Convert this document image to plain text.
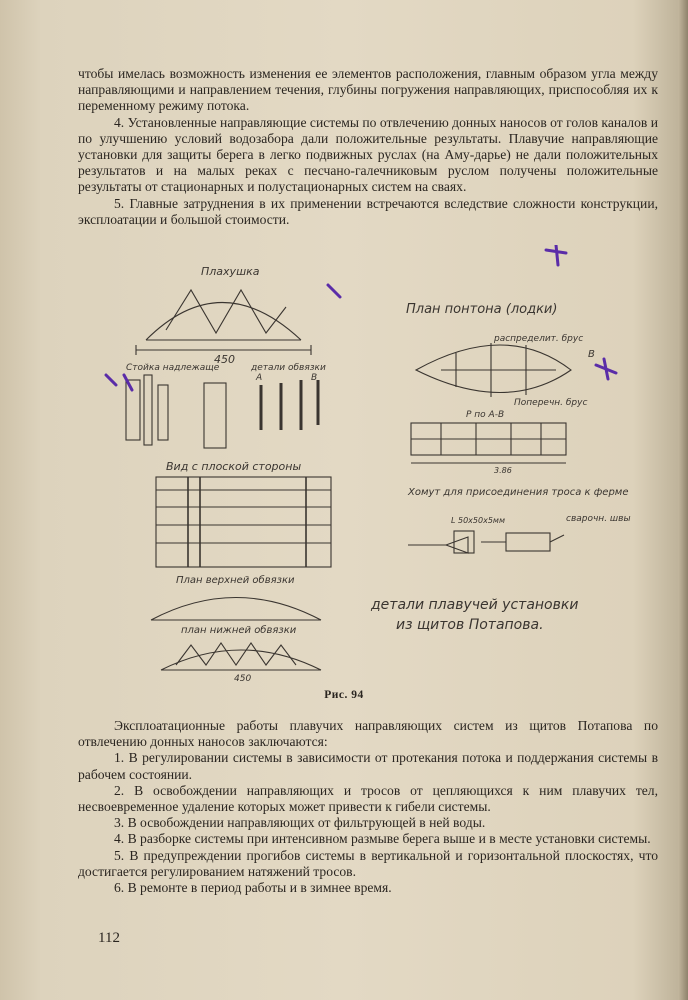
чтобы имелась возможность изменения ее элементов расположения, главным образом угла между направляющими и направлением течения, глубины погружения направляющих, приспособляя их к переменному режиму потока.

4. Установленные направляющие системы по отвлечению донных наносов от голов каналов и по улучшению условий водозабора дали положительные результаты. Плавучие направляющие установки для защиты берега в легко подвижных руслах (на Аму-дарье) не дали положительных результатов и на малых реках с песчано-галечниковым руслом получены положительные результаты от стационарных и полустационарных систем на сваях.

5. Главные затруднения в их применении встречаются вследствие сложности конструкции, эксплоатации и большой стоимости.

Плахушка
450
Стойка надлежаще	детали обвязки
A	B
Вид с плоской стороны
План верхней обвязки
план нижней обвязки
450
План понтона (лодки)
распределит. брус
B
Р по A-B
Поперечн. брус
3.86
Хомут для присоединения троса к ферме
сварочн. швы
L 50x50x5мм
детали плавучей установки
из щитов Потапова.
Рис. 94

Эксплоатационные работы плавучих направляющих систем из щитов Потапова по отвлечению донных наносов заключаются:

1. В регулировании системы в зависимости от протекания потока и поддержания системы в рабочем состоянии.

2. В освобождении направляющих и тросов от цепляющихся к ним плавучих тел, несвоевременное удаление которых может привести к гибели системы.

3. В освобождении направляющих от фильтрующей в ней воды.

4. В разборке системы при интенсивном размыве берега выше и в месте установки системы.

5. В предупреждении прогибов системы в вертикальной и горизонтальной плоскостях, что достигается регулированием натяжений тросов.

6. В ремонте в период работы и в зимнее время.

112
